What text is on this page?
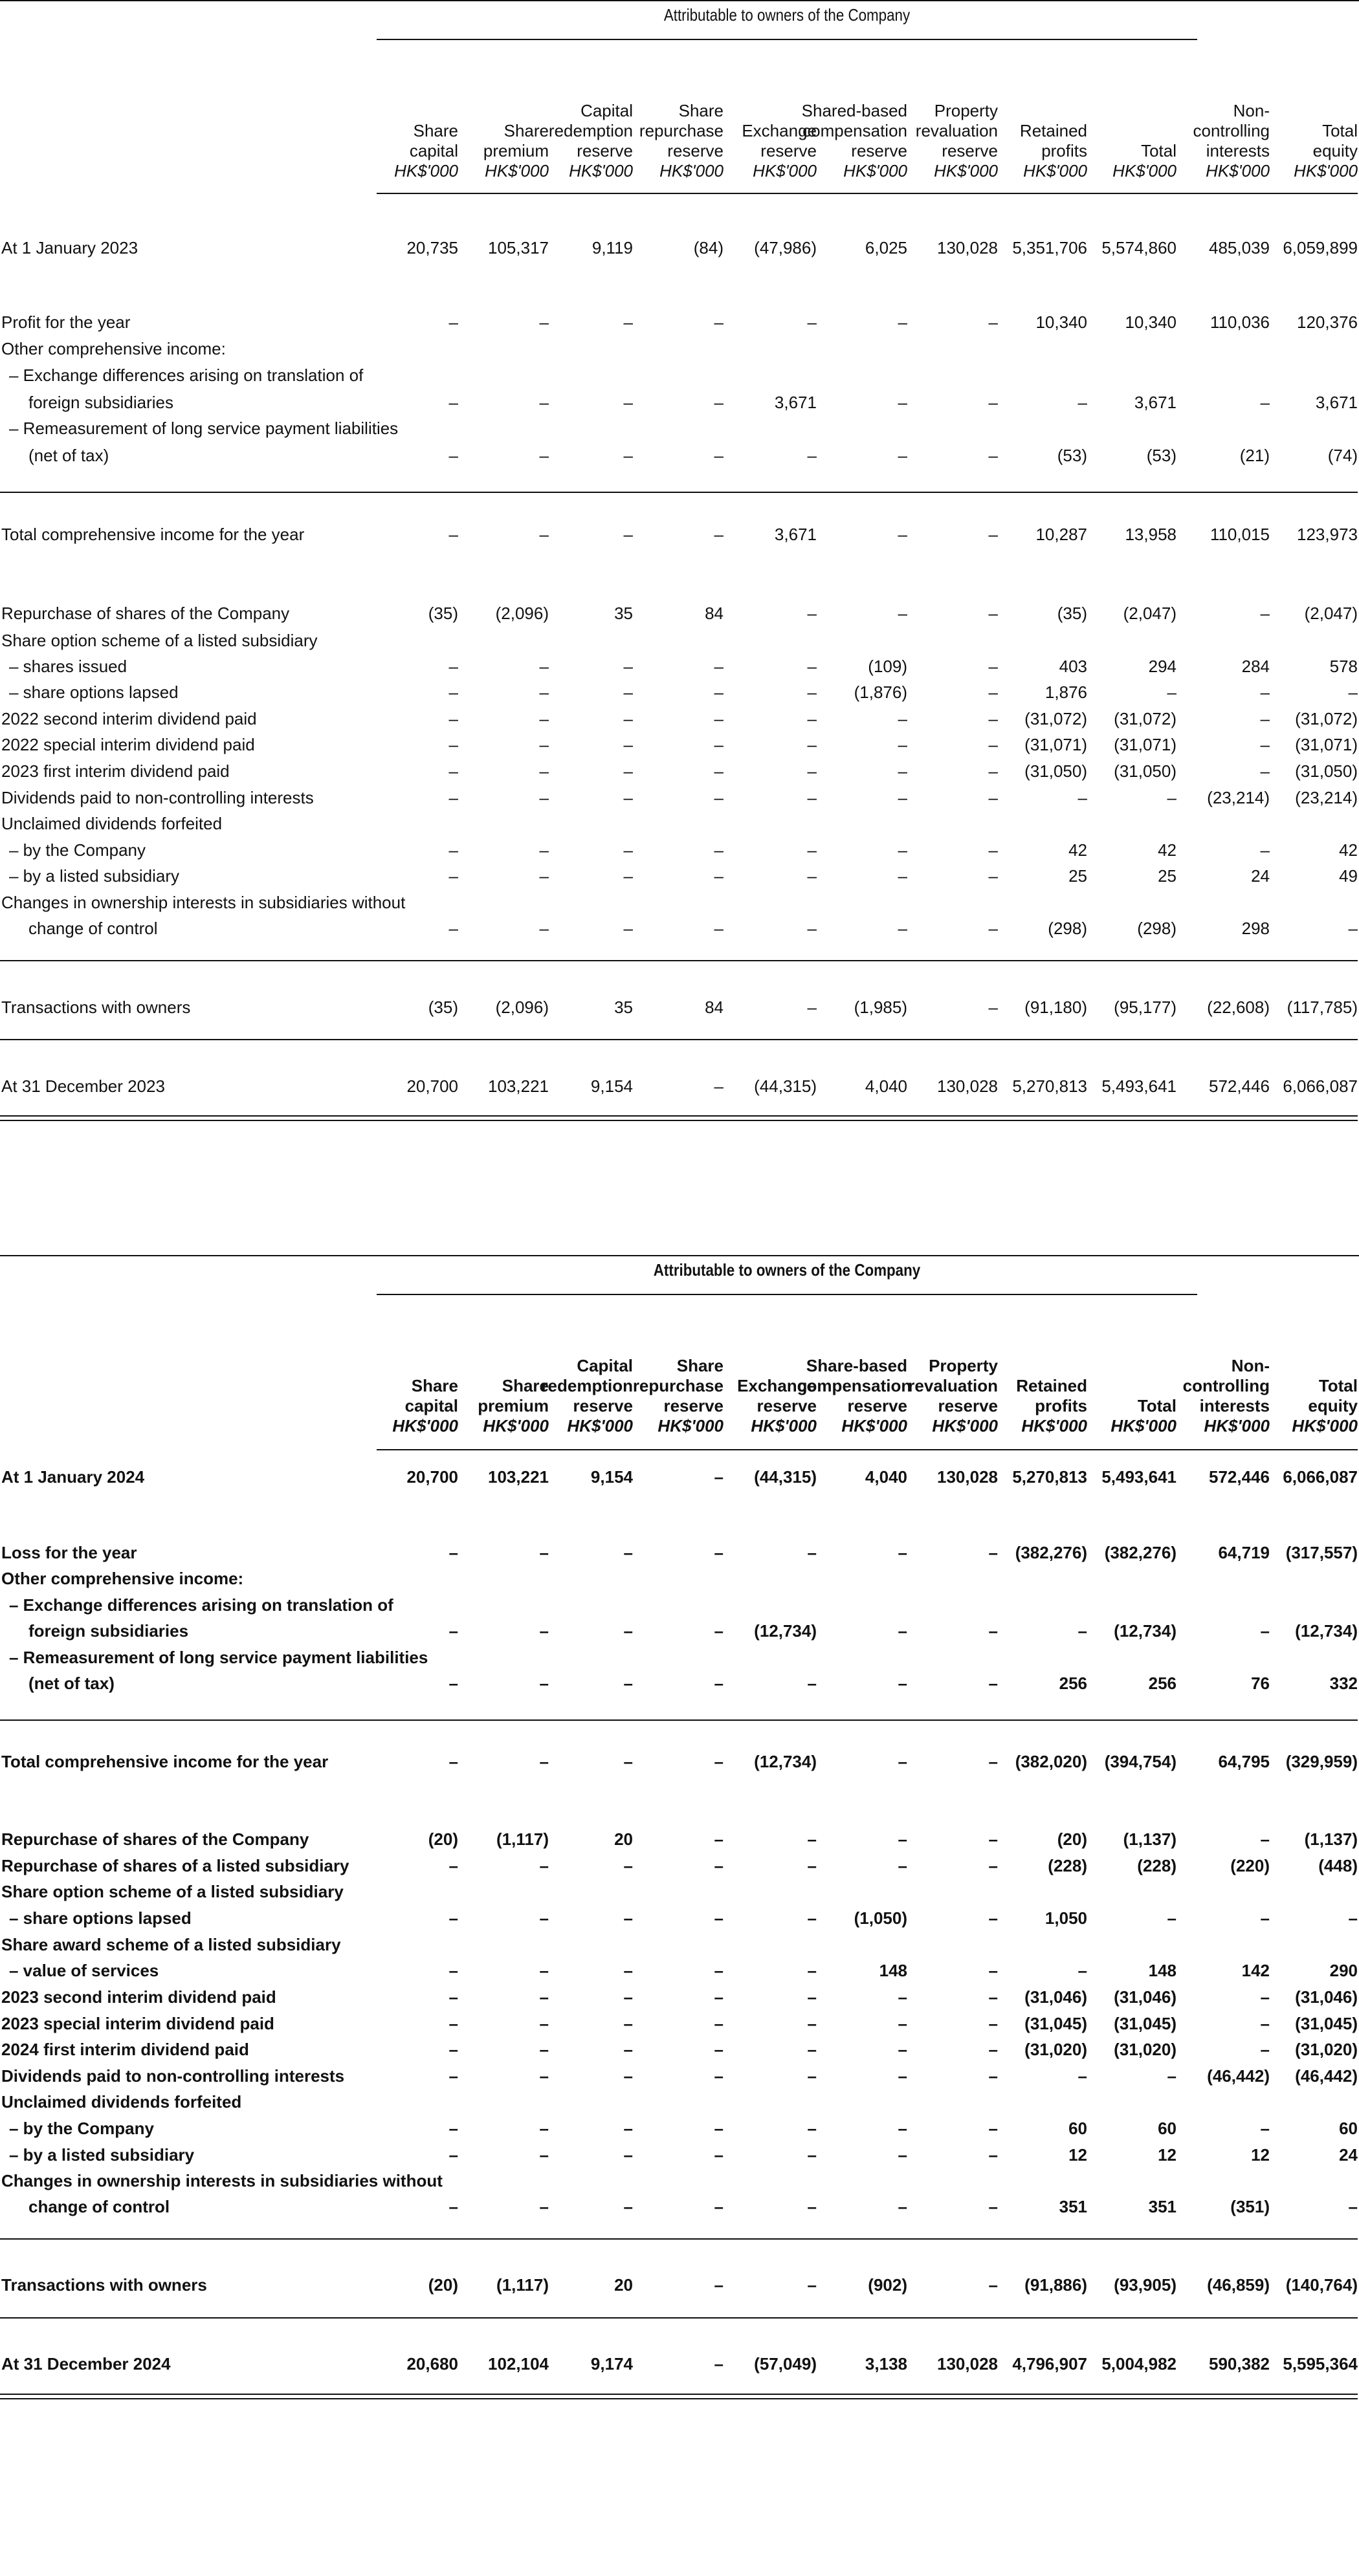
Attributable to owners of the Company
Share
capital
HK$'000
Share
premium
HK$'000
Capital
redemption
reserve
HK$'000
Share
repurchase
reserve
HK$'000
Exchange
reserve
HK$'000
Shared-based
compensation
reserve
HK$'000
Property
revaluation
reserve
HK$'000
Retained
profits
HK$'000
Total
HK$'000
Non-
controlling
interests
HK$'000
Total
equity
HK$'000
At 1 January 2023	20,735	105,317	9,119	(84)	(47,986)	6,025	130,028 5,351,706 5,574,860	485,039 6,059,899
Profit for the year	–	–	–	–	–	–	–	10,340	10,340	110,036	120,376
Other comprehensive income:
– Exchange differences arising on translation of
foreign subsidiaries	–	–	–	–	3,671	–	–	–	3,671	–	3,671
– Remeasurement of long service payment liabilities
(net of tax)	–	–	–	–	–	–	–	(53)	(53)	(21)	(74)
Total comprehensive income for the year	–	–	–	–	3,671	–	–	10,287	13,958	110,015	123,973
Repurchase of shares of the Company	(35)	(2,096)	35	84	–	–	–	(35)	(2,047)	–	(2,047)
Share option scheme of a listed subsidiary
– shares issued	–	–	–	–	–	(109)	–	403	294	284	578
– share options lapsed	–	–	–	–	–	(1,876)	–	1,876	–	–	–
2022 second interim dividend paid	–	–	–	–	–	–	–	(31,072)	(31,072)	–	(31,072)
2022 special interim dividend paid	–	–	–	–	–	–	–	(31,071)	(31,071)	–	(31,071)
2023 first interim dividend paid	–	–	–	–	–	–	–	(31,050)	(31,050)	–	(31,050)
Dividends paid to non-controlling interests	–	–	–	–	–	–	–	–	–	(23,214)	(23,214)
Unclaimed dividends forfeited
– by the Company	–	–	–	–	–	–	–	42	42	–	42
– by a listed subsidiary	–	–	–	–	–	–	–	25	25	24	49
Changes in ownership interests in subsidiaries without
change of control	–	–	–	–	–	–	–	(298)	(298)	298	–
Transactions with owners	(35)	(2,096)	35	84	–	(1,985)	–	(91,180)	(95,177)	(22,608)	(117,785)
At 31 December 2023	20,700	103,221	9,154	–	(44,315)	4,040	130,028 5,270,813 5,493,641	572,446 6,066,087
Attributable to owners of the Company
Share
capital
HK$'000
Share
premium
HK$'000
Capital
redemption
reserve
HK$'000
Share
repurchase
reserve
HK$'000
Exchange
reserve
HK$'000
Share-based
compensation
reserve
HK$'000
Property
revaluation
reserve
HK$'000
Retained
profits
HK$'000
Total
HK$'000
Non-
controlling
interests
HK$'000
Total
equity
HK$'000
At 1 January 2024	20,700	103,221	9,154	–	(44,315)	4,040	130,028 5,270,813 5,493,641	572,446 6,066,087
Loss for the year	–	–	–	–	–	–	–	(382,276)	(382,276)	64,719 (317,557)
Other comprehensive income:
– Exchange differences arising on translation of
foreign subsidiaries	–	–	–	–	(12,734)	–	–	–	(12,734)	–	(12,734)
– Remeasurement of long service payment liabilities
(net of tax)	–	–	–	–	–	–	–	256	256	76	332
Total comprehensive income for the year	–	–	–	–	(12,734)	–	–	(382,020)	(394,754)	64,795 (329,959)
Repurchase of shares of the Company	(20)	(1,117)	20	–	–	–	–	(20)	(1,137)	–	(1,137)
Repurchase of shares of a listed subsidiary	–	–	–	–	–	–	–	(228)	(228)	(220)	(448)
Share option scheme of a listed subsidiary
– share options lapsed	–	–	–	–	–	(1,050)	–	1,050	–	–	–
Share award scheme of a listed subsidiary
– value of services	–	–	–	–	–	148	–	–	148	142	290
2023 second interim dividend paid	–	–	–	–	–	–	–	(31,046)	(31,046)	–	(31,046)
2023 special interim dividend paid	–	–	–	–	–	–	–	(31,045)	(31,045)	–	(31,045)
2024 first interim dividend paid	–	–	–	–	–	–	–	(31,020)	(31,020)	–	(31,020)
Dividends paid to non-controlling interests	–	–	–	–	–	–	–	–	–	(46,442)	(46,442)
Unclaimed dividends forfeited
– by the Company	–	–	–	–	–	–	–	60	60	–	60
– by a listed subsidiary	–	–	–	–	–	–	–	12	12	12	24
Changes in ownership interests in subsidiaries without
change of control	–	–	–	–	–	–	–	351	351	(351)	–
Transactions with owners	(20)	(1,117)	20	–	–	(902)	–	(91,886)	(93,905)	(46,859) (140,764)
At 31 December 2024	20,680	102,104	9,174	–	(57,049)	3,138	130,028 4,796,907 5,004,982	590,382 5,595,364
